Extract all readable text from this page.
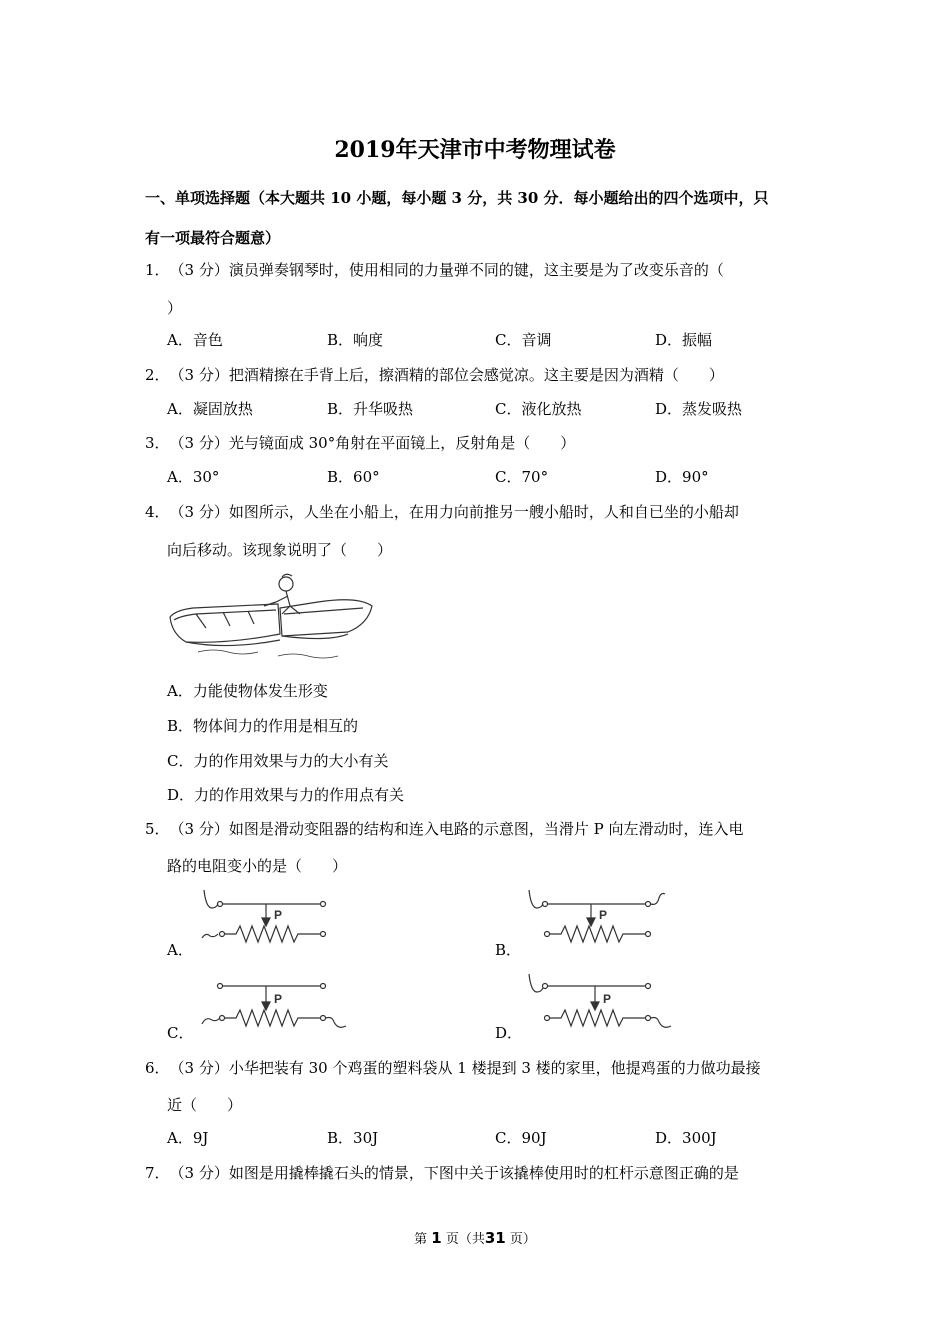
2019年天津市中考物理试卷
一、单项选择题（本大题共 10 小题，每小题 3 分，共 30 分．每小题给出的四个选项中，只
有一项最符合题意）
1．（3 分）演员弹奏钢琴时，使用相同的力量弹不同的键，这主要是为了改变乐音的（
）
A．音色	B．响度	C．音调	D．振幅
2．（3 分）把酒精擦在手背上后，擦酒精的部位会感觉凉。这主要是因为酒精（　　）
A．凝固放热	B．升华吸热	C．液化放热	D．蒸发吸热
3．（3 分）光与镜面成 30°角射在平面镜上，反射角是（　　）
A．30°	B．60°	C．70°	D．90°
4．（3 分）如图所示，人坐在小船上，在用力向前推另一艘小船时，人和自已坐的小船却
向后移动。该现象说明了（　　）
A．力能使物体发生形变
B．物体间力的作用是相互的
C．力的作用效果与力的大小有关
D．力的作用效果与力的作用点有关
5．（3 分）如图是滑动变阻器的结构和连入电路的示意图，当滑片 P 向左滑动时，连入电
路的电阻变小的是（　　）
A．
P
B．
P
C．
P
D．
P
6．（3 分）小华把装有 30 个鸡蛋的塑料袋从 1 楼提到 3 楼的家里，他提鸡蛋的力做功最接
近（　　）
A．9J	B．30J	C．90J	D．300J
7．（3 分）如图是用撬棒撬石头的情景，下图中关于该撬棒使用时的杠杆示意图正确的是
第 1 页（共31 页）
